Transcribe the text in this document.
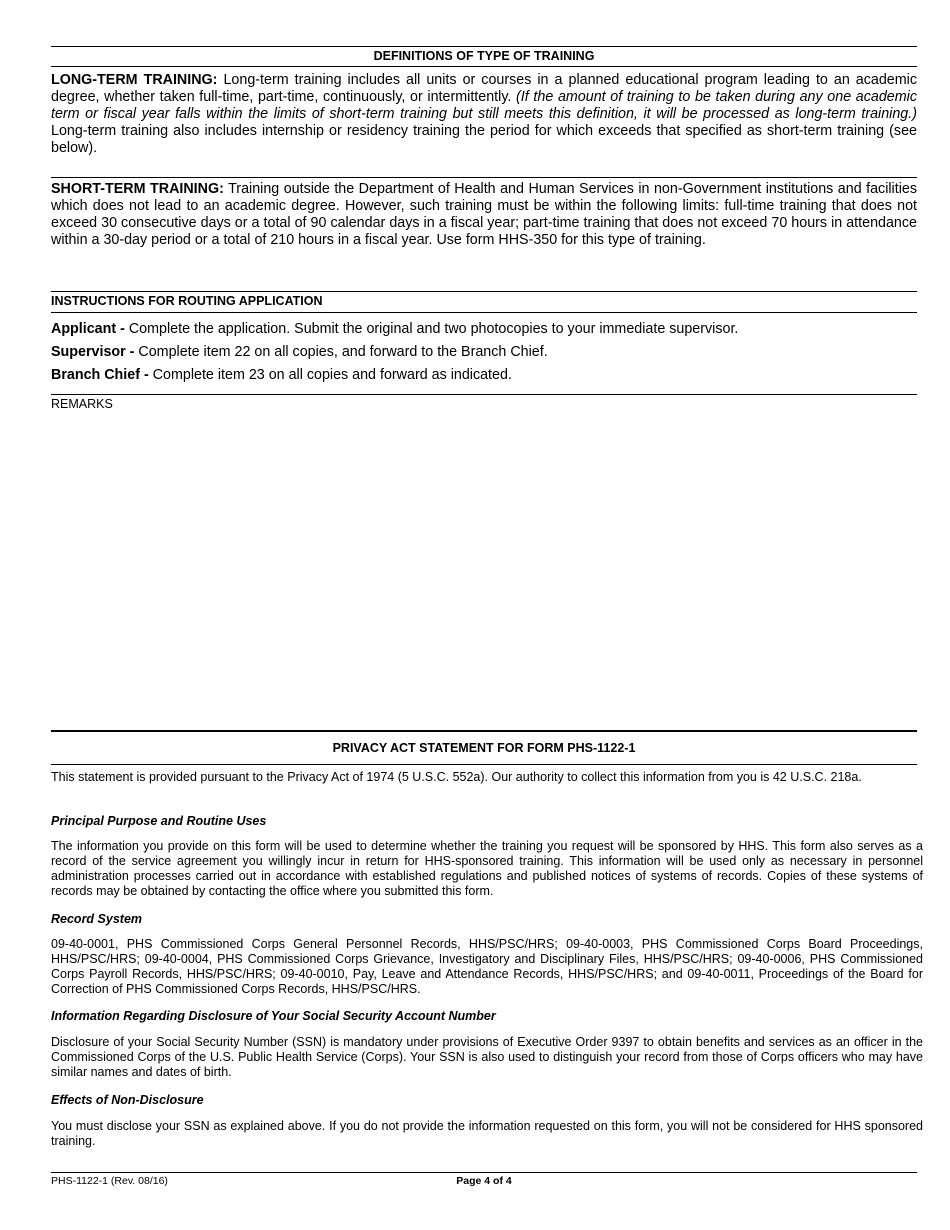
DEFINITIONS OF TYPE OF TRAINING
LONG-TERM TRAINING: Long-term training includes all units or courses in a planned educational program leading to an academic degree, whether taken full-time, part-time, continuously, or intermittently. (If the amount of training to be taken during any one academic term or fiscal year falls within the limits of short-term training but still meets this definition, it will be processed as long-term training.) Long-term training also includes internship or residency training the period for which exceeds that specified as short-term training (see below).
SHORT-TERM TRAINING: Training outside the Department of Health and Human Services in non-Government institutions and facilities which does not lead to an academic degree. However, such training must be within the following limits: full-time training that does not exceed 30 consecutive days or a total of 90 calendar days in a fiscal year; part-time training that does not exceed 70 hours in attendance within a 30-day period or a total of 210 hours in a fiscal year. Use form HHS-350 for this type of training.
INSTRUCTIONS FOR ROUTING APPLICATION
Applicant - Complete the application. Submit the original and two photocopies to your immediate supervisor.
Supervisor - Complete item 22 on all copies, and forward to the Branch Chief.
Branch Chief - Complete item 23 on all copies and forward as indicated.
REMARKS
PRIVACY ACT STATEMENT FOR FORM PHS-1122-1
This statement is provided pursuant to the Privacy Act of 1974 (5 U.S.C. 552a). Our authority to collect this information from you is 42 U.S.C. 218a.
Principal Purpose and Routine Uses
The information you provide on this form will be used to determine whether the training you request will be sponsored by HHS. This form also serves as a record of the service agreement you willingly incur in return for HHS-sponsored training. This information will be used only as necessary in personnel administration processes carried out in accordance with established regulations and published notices of systems of records. Copies of these systems of records may be obtained by contacting the office where you submitted this form.
Record System
09-40-0001, PHS Commissioned Corps General Personnel Records, HHS/PSC/HRS; 09-40-0003, PHS Commissioned Corps Board Proceedings, HHS/PSC/HRS; 09-40-0004, PHS Commissioned Corps Grievance, Investigatory and Disciplinary Files, HHS/PSC/HRS; 09-40-0006, PHS Commissioned Corps Payroll Records, HHS/PSC/HRS; 09-40-0010, Pay, Leave and Attendance Records, HHS/PSC/HRS; and 09-40-0011, Proceedings of the Board for Correction of PHS Commissioned Corps Records, HHS/PSC/HRS.
Information Regarding Disclosure of Your Social Security Account Number
Disclosure of your Social Security Number (SSN) is mandatory under provisions of Executive Order 9397 to obtain benefits and services as an officer in the Commissioned Corps of the U.S. Public Health Service (Corps). Your SSN is also used to distinguish your record from those of Corps officers who may have similar names and dates of birth.
Effects of Non-Disclosure
You must disclose your SSN as explained above. If you do not provide the information requested on this form, you will not be considered for HHS sponsored training.
PHS-1122-1 (Rev. 08/16)	Page 4 of 4
